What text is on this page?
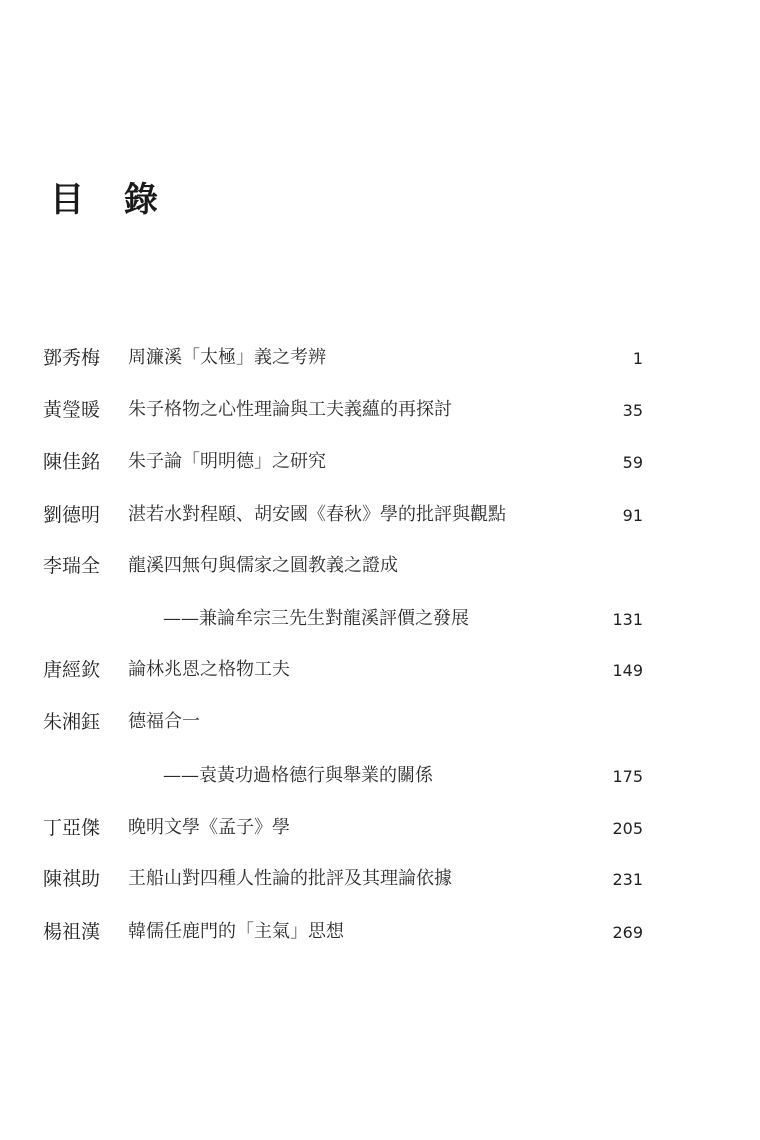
目 錄
鄧秀梅 周濂溪「太極」義之考辨	1
黃瑩暖 朱子格物之心性理論與工夫義蘊的再探討	35
陳佳銘 朱子論「明明德」之研究	59
劉德明 湛若水對程頤、胡安國《春秋》學的批評與觀點	91
李瑞全 龍溪四無句與儒家之圓教義之證成
——兼論牟宗三先生對龍溪評價之發展	131
唐經欽 論林兆恩之格物工夫	149
朱湘鈺 德福合一
——袁黃功過格德行與舉業的關係	175
丁亞傑 晚明文學《孟子》學	205
陳祺助 王船山對四種人性論的批評及其理論依據	231
楊祖漢 韓儒任鹿門的「主氣」思想	269
